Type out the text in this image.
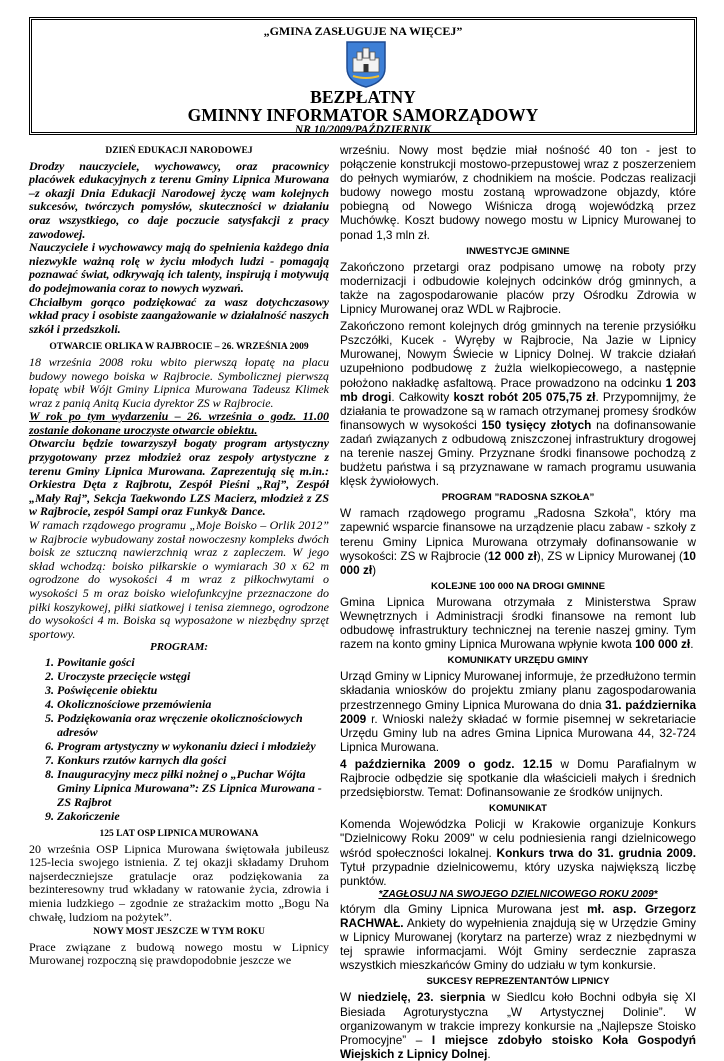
„GMINA ZASŁUGUJE NA WIĘCEJ”
BEZPŁATNY
GMINNY INFORMATOR SAMORZĄDOWY
NR 10/2009/PAŹDZIERNIK
DZIEŃ EDUKACJI NARODOWEJ

Drodzy nauczyciele, wychowawcy, oraz pracownicy placówek edukacyjnych z terenu Gminy Lipnica Murowana –z okazji Dnia Edukacji Narodowej życzę wam kolejnych sukcesów, twórczych pomysłów, skuteczności w działaniu oraz wszystkiego, co daje poczucie satysfakcji z pracy zawodowej.

Nauczyciele i wychowawcy mają do spełnienia każdego dnia niezwykle ważną rolę w życiu młodych ludzi - pomagają poznawać świat, odkrywają ich talenty, inspirują i motywują do podejmowania coraz to nowych wyzwań.

Chciałbym gorąco podziękować za wasz dotychczasowy wkład pracy i osobiste zaangażowanie w działalność naszych szkół i przedszkoli.

OTWARCIE ORLIKA W RAJBROCIE – 26. WRZEŚNIA 2009

18 września 2008 roku wbito pierwszą łopatę na placu budowy nowego boiska w Rajbrocie. Symbolicznej pierwszą łopatę wbił Wójt Gminy Lipnica Murowana Tadeusz Klimek wraz z panią Anitą Kucia dyrektor ZS w Rajbrocie.

W rok po tym wydarzeniu – 26. września o godz. 11.00 zostanie dokonane uroczyste otwarcie obiektu.

Otwarciu będzie towarzyszył bogaty program artystyczny przygotowany przez młodzież oraz zespoły artystyczne z terenu Gminy Lipnica Murowana. Zaprezentują się m.in.: Orkiestra Dęta z Rajbrotu, Zespół Pieśni „Raj”, Zespół „Mały Raj”, Sekcja Taekwondo LZS Macierz, młodzież z ZS w Rajbrocie, zespół Sampi oraz Funky& Dance.

W ramach rządowego programu „Moje Boisko – Orlik 2012” w Rajbrocie wybudowany został nowoczesny kompleks dwóch boisk ze sztuczną nawierzchnią wraz z zapleczem. W jego skład wchodzą: boisko piłkarskie o wymiarach 30 x 62 m ogrodzone do wysokości 4 m wraz z piłkochwytami o wysokości 5 m oraz boisko wielofunkcyjne przeznaczone do piłki koszykowej, piłki siatkowej i tenisa ziemnego, ogrodzone do wysokości 4 m. Boiska są wyposażone w niezbędny sprzęt sportowy.

PROGRAM:
1. Powitanie gości
2. Uroczyste przecięcie wstęgi
3. Poświęcenie obiektu
4. Okolicznościowe przemówienia
5. Podziękowania oraz wręczenie okolicznościowych adresów
6. Program artystyczny w wykonaniu dzieci i młodzieży
7. Konkurs rzutów karnych dla gości
8. Inauguracyjny mecz piłki nożnej o „Puchar Wójta Gminy Lipnica Murowana”: ZS Lipnica Murowana - ZS Rajbrot
9. Zakończenie
125 LAT OSP LIPNICA MUROWANA

20 września OSP Lipnica Murowana świętowała jubileusz 125-lecia swojego istnienia. Z tej okazji składamy Druhom najserdeczniejsze gratulacje oraz podziękowania za bezinteresowny trud wkładany w ratowanie życia, zdrowia i mienia ludzkiego – zgodnie ze strażackim motto „Bogu Na chwałę, ludziom na pożytek”.

NOWY MOST JESZCZE W TYM ROKU

Prace związane z budową nowego mostu w Lipnicy Murowanej rozpoczną się prawdopodobnie jeszcze we

wrześniu. Nowy most będzie miał nośność 40 ton - jest to połączenie konstrukcji mostowo-przepustowej wraz z poszerzeniem do pełnych wymiarów, z chodnikiem na moście. Podczas realizacji budowy nowego mostu zostaną wprowadzone objazdy, które pobiegną od Nowego Wiśnicza drogą wojewódzką przez Muchówkę. Koszt budowy nowego mostu w Lipnicy Murowanej to ponad 1,3 mln zł.

INWESTYCJE GMINNE

Zakończono przetargi oraz podpisano umowę na roboty przy modernizacji i odbudowie kolejnych odcinków dróg gminnych, a także na zagospodarowanie placów przy Ośrodku Zdrowia w Lipnicy Murowanej oraz WDL w Rajbrocie.

Zakończono remont kolejnych dróg gminnych na terenie przysiółku Pszczółki, Kucek - Wyręby w Rajbrocie, Na Jazie w Lipnicy Murowanej, Nowym Świecie w Lipnicy Dolnej. W trakcie działań uzupełniono podbudowę z żużla wielkopiecowego, a następnie położono nakładkę asfaltową. Prace prowadzono na odcinku 1 203 mb drogi. Całkowity koszt robót 205 075,75 zł. Przypomnijmy, że działania te prowadzone są w ramach otrzymanej promesy środków finansowych w wysokości 150 tysięcy złotych na dofinansowanie zadań związanych z odbudową zniszczonej infrastruktury drogowej na terenie naszej Gminy. Przyznane środki finansowe pochodzą z budżetu państwa i są przyznawane w ramach programu usuwania klęsk żywiołowych.

PROGRAM ”RADOSNA SZKOŁA”

W ramach rządowego programu „Radosna Szkoła”, który ma zapewnić wsparcie finansowe na urządzenie placu zabaw - szkoły z terenu Gminy Lipnica Murowana otrzymały dofinansowanie w wysokości: ZS w Rajbrocie (12 000 zł), ZS w Lipnicy Murowanej (10 000 zł)

KOLEJNE 100 000 NA DROGI GMINNE

Gmina Lipnica Murowana otrzymała z Ministerstwa Spraw Wewnętrznych i Administracji środki finansowe na remont lub odbudowę infrastruktury technicznej na terenie naszej gminy. Tym razem na konto gminy Lipnica Murowana wpłynie kwota 100 000 zł.

KOMUNIKATY URZĘDU GMINY

Urząd Gminy w Lipnicy Murowanej informuje, że przedłużono termin składania wniosków do projektu zmiany planu zagospodarowania przestrzennego Gminy Lipnica Murowana do dnia 31. października 2009 r. Wnioski należy składać w formie pisemnej w sekretariacie Urzędu Gminy lub na adres Gmina Lipnica Murowana 44, 32-724 Lipnica Murowana.

4 października 2009 o godz. 12.15 w Domu Parafialnym w Rajbrocie odbędzie się spotkanie dla właścicieli małych i średnich przedsiębiorstw. Temat: Dofinansowanie ze środków unijnych.

KOMUNIKAT

Komenda Wojewódzka Policji w Krakowie organizuje Konkurs "Dzielnicowy Roku 2009" w celu podniesienia rangi dzielnicowego wśród społeczności lokalnej. Konkurs trwa do 31. grudnia 2009. Tytuł przypadnie dzielnicowemu, który uzyska największą liczbę punktów.

*ZAGŁOSUJ NA SWOJEGO DZIELNICOWEGO ROKU 2009*

którym dla Gminy Lipnica Murowana jest mł. asp. Grzegorz RACHWAŁ. Ankiety do wypełnienia znajdują się w Urzędzie Gminy w Lipnicy Murowanej (korytarz na parterze) wraz z niezbędnymi w tej sprawie informacjami. Wójt Gminy serdecznie zaprasza wszystkich mieszkańców Gminy do udziału w tym konkursie.

SUKCESY REPREZENTANTÓW LIPNICY

W niedzielę, 23. sierpnia w Siedlcu koło Bochni odbyła się XI Biesiada Agroturystyczna „W Artystycznej Dolinie”. W organizowanym w trakcie imprezy konkursie na „Najlepsze Stoisko Promocyjne” – I miejsce zdobyło stoisko Koła Gospodyń Wiejskich z Lipnicy Dolnej.
